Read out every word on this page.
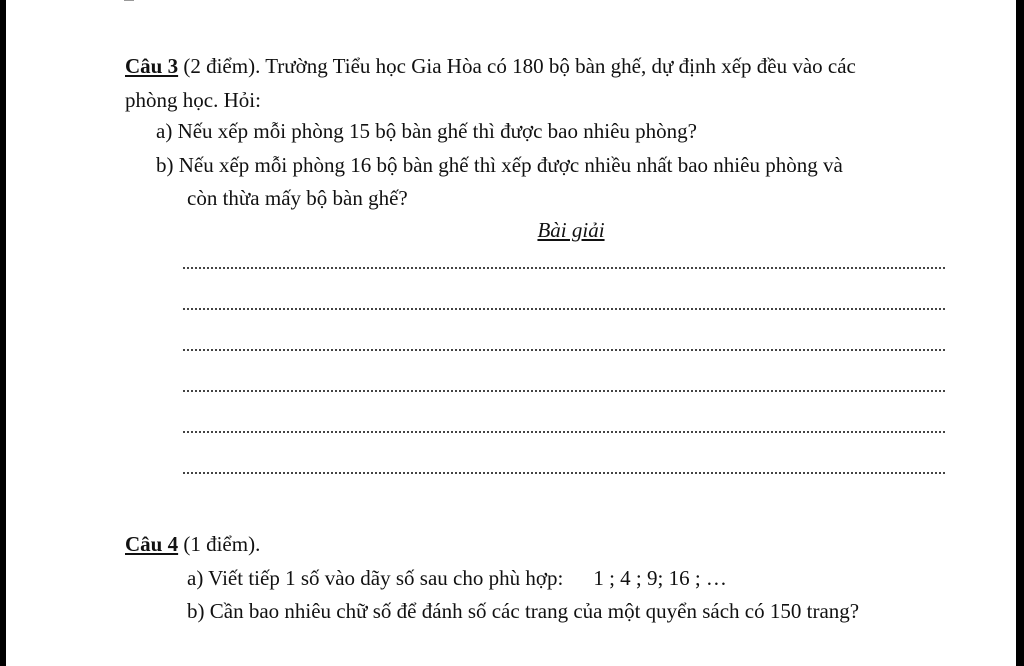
Câu 3 (2 điểm). Trường Tiểu học Gia Hòa có 180 bộ bàn ghế, dự định xếp đều vào các
phòng học. Hỏi:
a) Nếu xếp mỗi phòng 15 bộ bàn ghế thì được bao nhiêu phòng?
b) Nếu xếp mỗi phòng 16 bộ bàn ghế thì xếp được nhiều nhất bao nhiêu phòng và
còn thừa mấy bộ bàn ghế?
Bài giải
Câu 4 (1 điểm).
a) Viết tiếp 1 số vào dãy số sau cho phù hợp: 1 ; 4 ; 9; 16 ; …
b) Cần bao nhiêu chữ số để đánh số các trang của một quyển sách có 150 trang?
